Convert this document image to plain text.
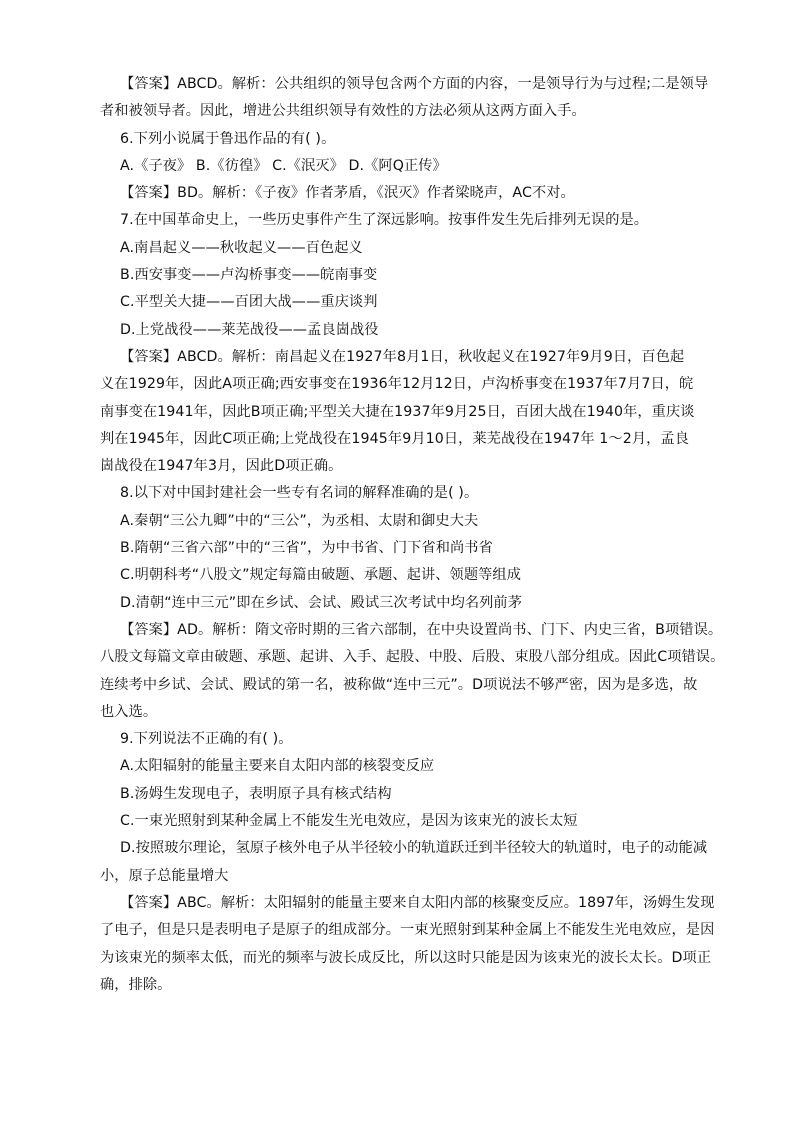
【答案】ABCD。解析：公共组织的领导包含两个方面的内容，一是领导行为与过程;二是领导
者和被领导者。因此，增进公共组织领导有效性的方法必须从这两方面入手。
6.下列小说属于鲁迅作品的有( )。
A.《子夜》 B.《彷徨》 C.《泯灭》 D.《阿Q正传》
【答案】BD。解析：《子夜》作者茅盾，《泯灭》作者梁晓声，AC不对。
7.在中国革命史上，一些历史事件产生了深远影响。按事件发生先后排列无误的是。
A.南昌起义——秋收起义——百色起义
B.西安事变——卢沟桥事变——皖南事变
C.平型关大捷——百团大战——重庆谈判
D.上党战役——莱芜战役——孟良崮战役
【答案】ABCD。解析：南昌起义在1927年8月1日，秋收起义在1927年9月9日，百色起
义在1929年，因此A项正确;西安事变在1936年12月12日，卢沟桥事变在1937年7月7日，皖
南事变在1941年，因此B项正确;平型关大捷在1937年9月25日，百团大战在1940年，重庆谈
判在1945年，因此C项正确;上党战役在1945年9月10日，莱芜战役在1947年 1～2月，孟良
崮战役在1947年3月，因此D项正确。
8.以下对中国封建社会一些专有名词的解释准确的是( )。
A.秦朝“三公九卿”中的“三公”，为丞相、太尉和御史大夫
B.隋朝“三省六部”中的“三省”，为中书省、门下省和尚书省
C.明朝科考“八股文”规定每篇由破题、承题、起讲、领题等组成
D.清朝“连中三元”即在乡试、会试、殿试三次考试中均名列前茅
【答案】AD。解析：隋文帝时期的三省六部制，在中央设置尚书、门下、内史三省，B项错误。
八股文每篇文章由破题、承题、起讲、入手、起股、中股、后股、束股八部分组成。因此C项错误。
连续考中乡试、会试、殿试的第一名，被称做“连中三元”。D项说法不够严密，因为是多选，故
也入选。
9.下列说法不正确的有( )。
A.太阳辐射的能量主要来自太阳内部的核裂变反应
B.汤姆生发现电子，表明原子具有核式结构
C.一束光照射到某种金属上不能发生光电效应，是因为该束光的波长太短
D.按照玻尔理论，氢原子核外电子从半径较小的轨道跃迁到半径较大的轨道时，电子的动能减
小，原子总能量增大
【答案】ABC。解析：太阳辐射的能量主要来自太阳内部的核聚变反应。1897年，汤姆生发现
了电子，但是只是表明电子是原子的组成部分。一束光照射到某种金属上不能发生光电效应，是因
为该束光的频率太低，而光的频率与波长成反比，所以这时只能是因为该束光的波长太长。D项正
确，排除。
